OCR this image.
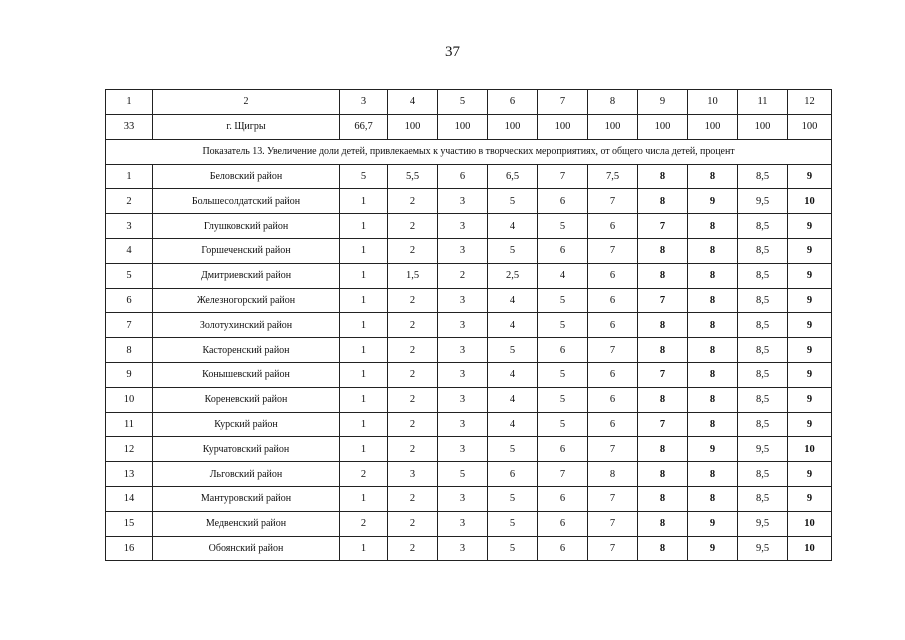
37
1	2	3	4	5	6	7	8	9	10	11	12
33	г. Щигры	66,7	100	100	100	100	100	100	100	100	100
Показатель 13. Увеличение доли детей, привлекаемых к участию в творческих мероприятиях, от общего числа детей, процент											
1	Беловский район	5	5,5	6	6,5	7	7,5	8	8	8,5	9
2	Большесолдатский район	1	2	3	5	6	7	8	9	9,5	10
3	Глушковский район	1	2	3	4	5	6	7	8	8,5	9
4	Горшеченский район	1	2	3	5	6	7	8	8	8,5	9
5	Дмитриевский район	1	1,5	2	2,5	4	6	8	8	8,5	9
6	Железногорский район	1	2	3	4	5	6	7	8	8,5	9
7	Золотухинский район	1	2	3	4	5	6	8	8	8,5	9
8	Касторенский район	1	2	3	5	6	7	8	8	8,5	9
9	Конышевский район	1	2	3	4	5	6	7	8	8,5	9
10	Кореневский район	1	2	3	4	5	6	8	8	8,5	9
11	Курский район	1	2	3	4	5	6	7	8	8,5	9
12	Курчатовский район	1	2	3	5	6	7	8	9	9,5	10
13	Льговский район	2	3	5	6	7	8	8	8	8,5	9
14	Мантуровский район	1	2	3	5	6	7	8	8	8,5	9
15	Медвенский район	2	2	3	5	6	7	8	9	9,5	10
16	Обоянский район	1	2	3	5	6	7	8	9	9,5	10
